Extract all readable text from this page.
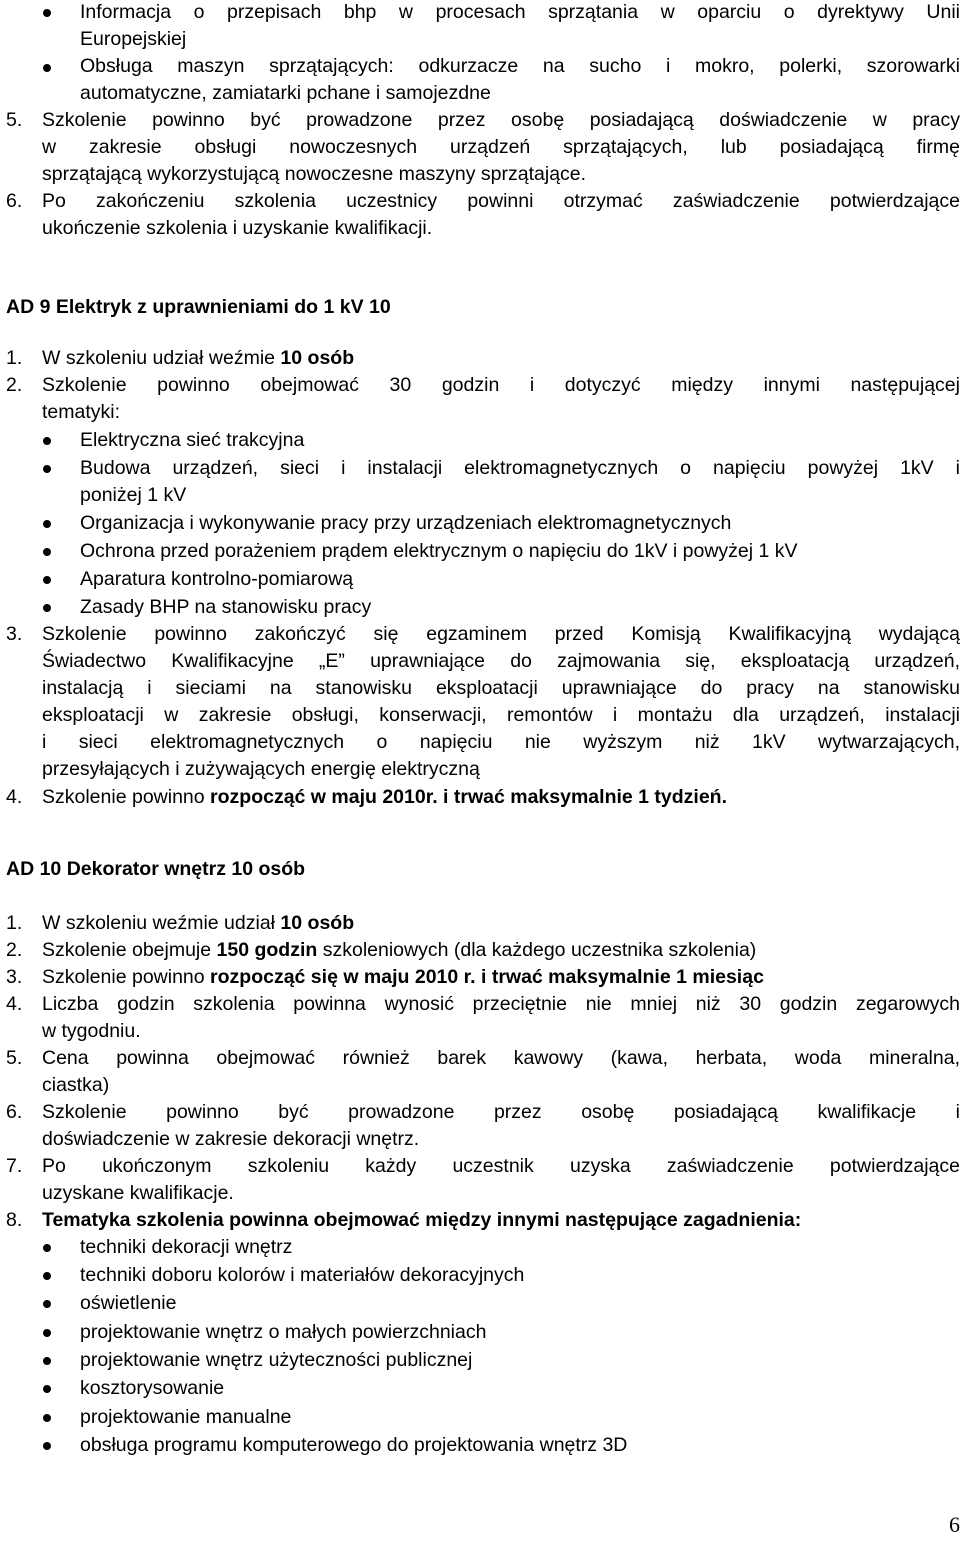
Informacja o przepisach bhp w procesach sprzątania w oparciu o dyrektywy Unii
Europejskiej
Obsługa maszyn sprzątających: odkurzacze na sucho i mokro, polerki, szorowarki
automatyczne, zamiatarki pchane i samojezdne
5. Szkolenie powinno być prowadzone przez osobę posiadającą doświadczenie w pracy
w zakresie obsługi nowoczesnych urządzeń sprzątających, lub posiadającą firmę
sprzątającą wykorzystującą nowoczesne maszyny sprzątające.
6. Po zakończeniu szkolenia uczestnicy powinni otrzymać zaświadczenie potwierdzające
ukończenie szkolenia i uzyskanie kwalifikacji.
AD 9 Elektryk z uprawnieniami do 1 kV 10
1. W szkoleniu udział weźmie 10 osób
2. Szkolenie powinno obejmować 30 godzin i dotyczyć między innymi następującej
tematyki:
Elektryczna sieć trakcyjna
Budowa urządzeń, sieci i instalacji elektromagnetycznych o napięciu powyżej 1kV i
poniżej 1 kV
Organizacja i wykonywanie pracy przy urządzeniach elektromagnetycznych
Ochrona przed porażeniem prądem elektrycznym o napięciu do 1kV i powyżej 1 kV
Aparatura kontrolno-pomiarową
Zasady BHP na stanowisku pracy
3. Szkolenie powinno zakończyć się egzaminem przed Komisją Kwalifikacyjną wydającą
Świadectwo Kwalifikacyjne „E” uprawniające do zajmowania się, eksploatacją urządzeń,
instalacją i sieciami na stanowisku eksploatacji uprawniające do pracy na stanowisku
eksploatacji w zakresie obsługi, konserwacji, remontów i montażu dla urządzeń, instalacji
i sieci elektromagnetycznych o napięciu nie wyższym niż 1kV wytwarzających,
przesyłających i zużywających energię elektryczną
4. Szkolenie powinno rozpocząć w maju 2010r. i trwać maksymalnie 1 tydzień.
AD 10 Dekorator wnętrz 10 osób
1. W szkoleniu weźmie udział 10 osób
2. Szkolenie obejmuje 150 godzin szkoleniowych (dla każdego uczestnika szkolenia)
3. Szkolenie powinno rozpocząć się w maju 2010 r. i trwać maksymalnie 1 miesiąc
4. Liczba godzin szkolenia powinna wynosić przeciętnie nie mniej niż 30 godzin zegarowych
w tygodniu.
5. Cena powinna obejmować również barek kawowy (kawa, herbata, woda mineralna,
ciastka)
6. Szkolenie powinno być prowadzone przez osobę posiadającą kwalifikacje i
doświadczenie w zakresie dekoracji wnętrz.
7. Po ukończonym szkoleniu każdy uczestnik uzyska zaświadczenie potwierdzające
uzyskane kwalifikacje.
8. Tematyka szkolenia powinna obejmować między innymi następujące zagadnienia:
techniki dekoracji wnętrz
techniki doboru kolorów i materiałów dekoracyjnych
oświetlenie
projektowanie wnętrz o małych powierzchniach
projektowanie wnętrz użyteczności publicznej
kosztorysowanie
projektowanie manualne
obsługa programu komputerowego do projektowania wnętrz 3D
6
